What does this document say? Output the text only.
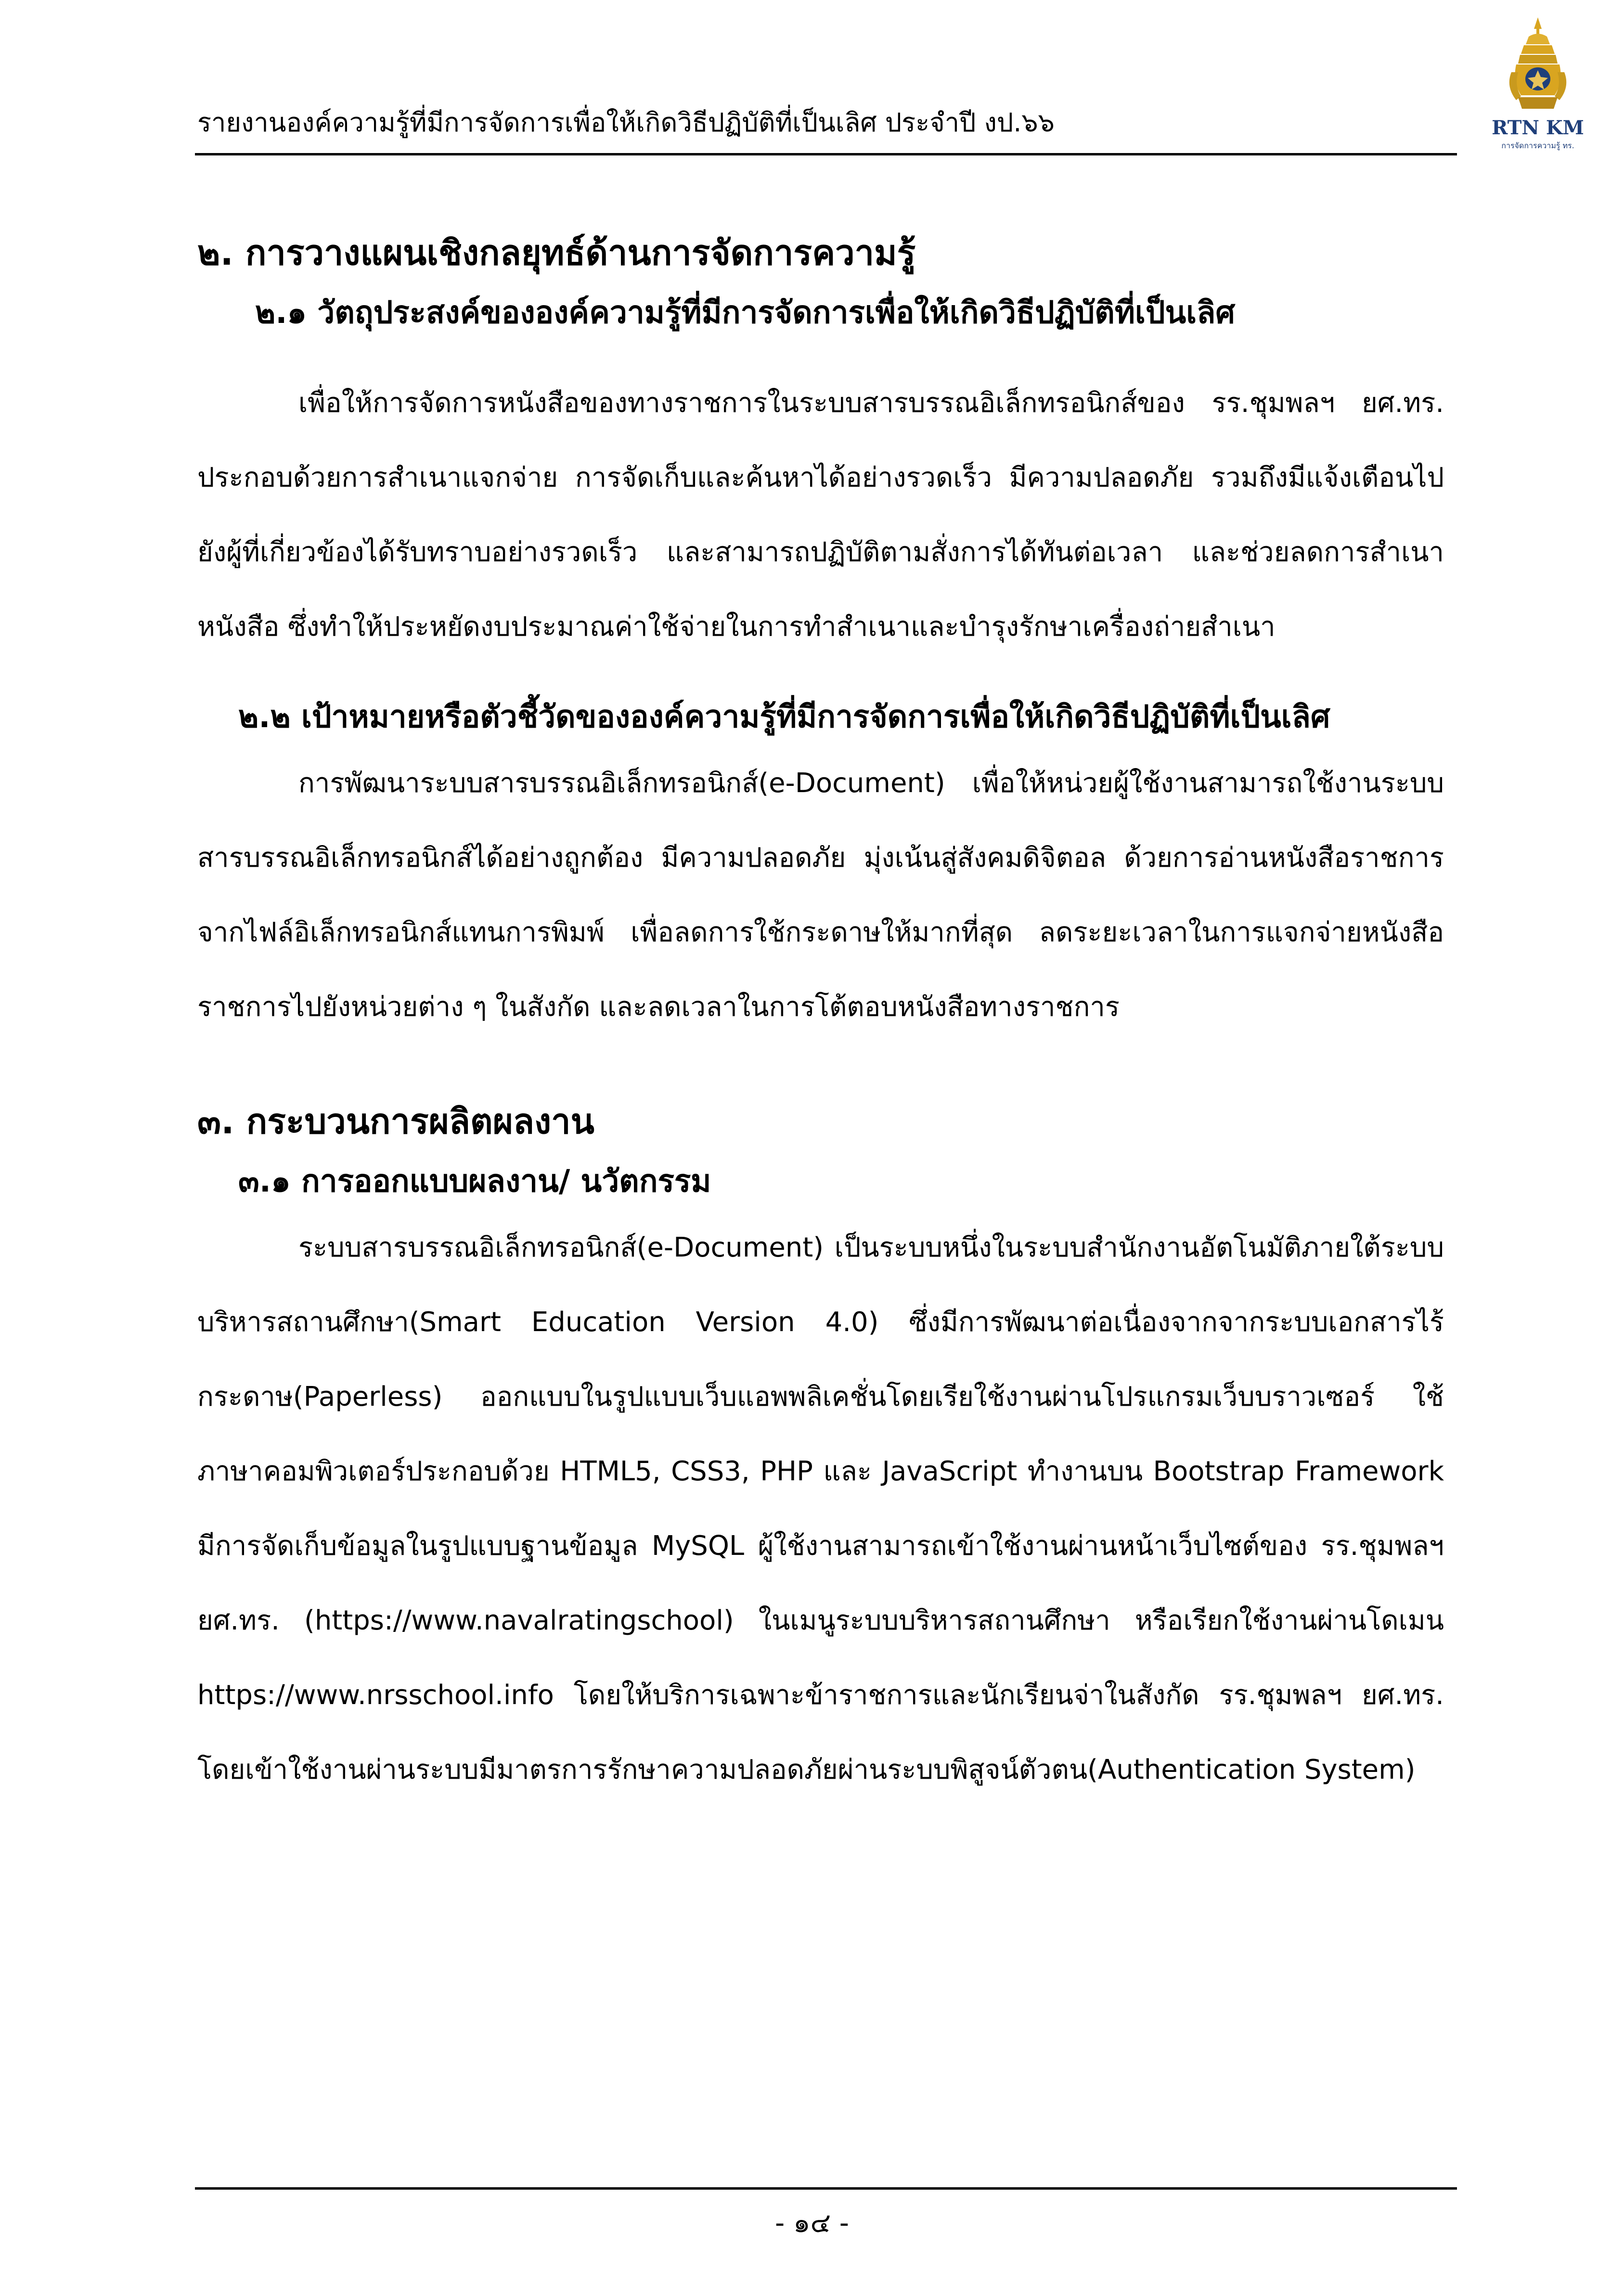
รายงานองค์ความรู้ที่มีการจัดการเพื่อให้เกิดวิธีปฏิบัติที่เป็นเลิศ ประจำปี งป.๖๖	RTN KM
การจัดการความรู้ ทร.
๒. การวางแผนเชิงกลยุทธ์ด้านการจัดการความรู้
๒.๑ วัตถุประสงค์ขององค์ความรู้ที่มีการจัดการเพื่อให้เกิดวิธีปฏิบัติที่เป็นเลิศ

เพื่อให้การจัดการหนังสือของทางราชการในระบบสารบรรณอิเล็กทรอนิกส์ของ รร.ชุมพลฯ ยศ.ทร. ประกอบด้วยการสำเนาแจกจ่าย การจัดเก็บและค้นหาได้อย่างรวดเร็ว มีความปลอดภัย รวมถึงมีแจ้งเตือนไปยังผู้ที่เกี่ยวข้องได้รับทราบอย่างรวดเร็ว และสามารถปฏิบัติตามสั่งการได้ทันต่อเวลา และช่วยลดการสำเนาหนังสือ ซึ่งทำให้ประหยัดงบประมาณค่าใช้จ่ายในการทำสำเนาและบำรุงรักษาเครื่องถ่ายสำเนา

๒.๒ เป้าหมายหรือตัวชี้วัดขององค์ความรู้ที่มีการจัดการเพื่อให้เกิดวิธีปฏิบัติที่เป็นเลิศ

การพัฒนาระบบสารบรรณอิเล็กทรอนิกส์(e-Document) เพื่อให้หน่วยผู้ใช้งานสามารถใช้งานระบบสารบรรณอิเล็กทรอนิกส์ได้อย่างถูกต้อง มีความปลอดภัย มุ่งเน้นสู่สังคมดิจิตอล ด้วยการอ่านหนังสือราชการจากไฟล์อิเล็กทรอนิกส์แทนการพิมพ์ เพื่อลดการใช้กระดาษให้มากที่สุด ลดระยะเวลาในการแจกจ่ายหนังสือราชการไปยังหน่วยต่าง ๆ ในสังกัด และลดเวลาในการโต้ตอบหนังสือทางราชการ

๓. กระบวนการผลิตผลงาน
๓.๑ การออกแบบผลงาน/ นวัตกรรม

ระบบสารบรรณอิเล็กทรอนิกส์(e-Document) เป็นระบบหนึ่งในระบบสำนักงานอัตโนมัติภายใต้ระบบบริหารสถานศึกษา(Smart Education Version 4.0) ซึ่งมีการพัฒนาต่อเนื่องจากจากระบบเอกสารไร้กระดาษ(Paperless) ออกแบบในรูปแบบเว็บแอพพลิเคชั่นโดยเรียใช้งานผ่านโปรแกรมเว็บบราวเซอร์ ใช้ภาษาคอมพิวเตอร์ประกอบด้วย HTML5, CSS3, PHP และ JavaScript ทำงานบน Bootstrap Framework มีการจัดเก็บข้อมูลในรูปแบบฐานข้อมูล MySQL ผู้ใช้งานสามารถเข้าใช้งานผ่านหน้าเว็บไซต์ของ รร.ชุมพลฯ ยศ.ทร. (https://www.navalratingschool) ในเมนูระบบบริหารสถานศึกษา หรือเรียกใช้งานผ่านโดเมน https://www.nrsschool.info โดยให้บริการเฉพาะข้าราชการและนักเรียนจ่าในสังกัด รร.ชุมพลฯ ยศ.ทร. โดยเข้าใช้งานผ่านระบบมีมาตรการรักษาความปลอดภัยผ่านระบบพิสูจน์ตัวตน(Authentication System)

- ๑๔ -
